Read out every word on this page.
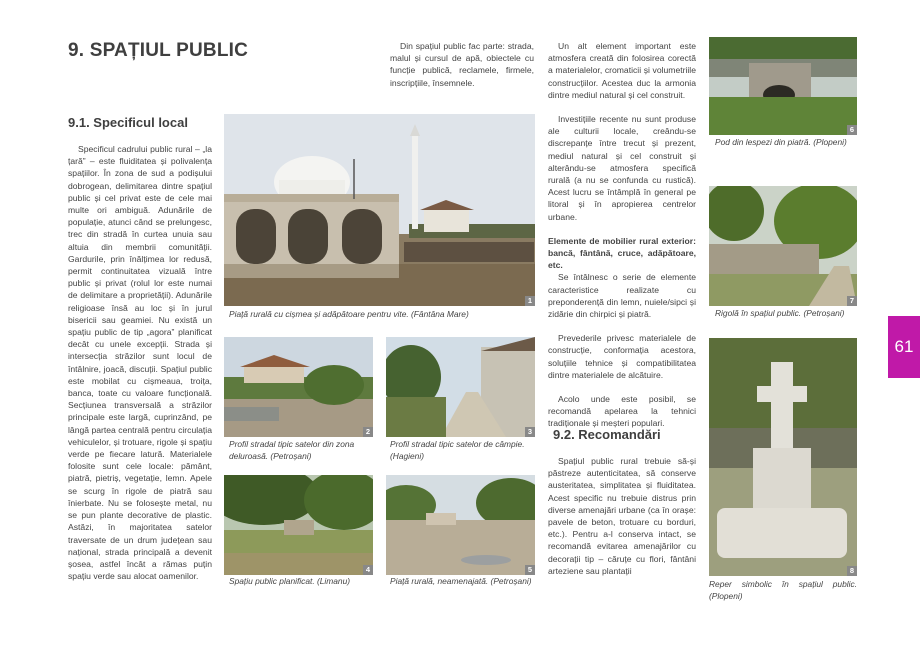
9. SPAȚIUL PUBLIC
9.1. Specificul local

Specificul cadrului public rural – „la țară” – este fluiditatea și polivalența spațiilor. În zona de sud a podișului dobrogean, delimitarea dintre spațiul public și cel privat este de cele mai multe ori ambiguă. Adunările de populație, atunci când se prelungesc, trec din stradă în curtea unuia sau altuia din membrii comunității. Gardurile, prin înălțimea lor redusă, permit continuitatea vizuală între public și privat (rolul lor este numai de delimitare a proprietății). Adunările religioase însă au loc și în jurul bisericii sau geamiei. Nu există un spațiu public de tip „agora” planificat decât cu unele excepții. Strada și intersecția străzilor sunt locul de întâlnire, joacă, discuții. Spațiul public este mobilat cu cișmeaua, troița, banca, toate cu valoare funcțională. Secțiunea transversală a străzilor principale este largă, cuprinzând, pe lângă partea centrală pentru circulația vehiculelor, și trotuare, rigole și spațiu verde pe fiecare latură. Materialele folosite sunt cele locale: pământ, piatră, pietriș, vegetație, lemn. Apele se scurg în rigole de piatră sau înierbate. Nu se folosește metal, nu se pun plante decorative de plastic. Astăzi, în majoritatea satelor traversate de un drum județean sau național, strada principală a devenit șosea, astfel încât a rămas puțin spațiu verde sau alocat oamenilor.

1
Piață rurală cu cișmea și adăpătoare pentru vite. (Fântâna Mare)
2
Profil stradal tipic satelor din zona deluroasă. (Petroșani)
3
Profil stradal tipic satelor de câmpie. (Hagieni)
4
Spațiu public planificat. (Limanu)
5
Piață rurală, neamenajată. (Petroșani)

Din spațiul public fac parte: strada, malul și cursul de apă, obiectele cu funcție publică, reclamele, firmele, inscripțiile, însemnele.

Un alt element important este atmosfera creată din folosirea corectă a materialelor, cromaticii și volumetriile construcțiilor. Acestea duc la armonia dintre mediul natural și cel construit.

Investițiile recente nu sunt produse ale culturii locale, creându-se discrepanțe între trecut și prezent, mediul natural și cel construit și alterându-se atmosfera specifică rurală (a nu se confunda cu rustică). Acest lucru se întâmplă în general pe litoral și în apropierea centrelor urbane.

Elemente de mobilier rural exterior: bancă, fântână, cruce, adăpătoare, etc.

Se întâlnesc o serie de elemente caracteristice realizate cu preponderență din lemn, nuiele/sipci și zidărie din chirpici și piatră.

Prevederile privesc materialele de construcție, conformația acestora, soluțiile tehnice și compatibilitatea dintre materialele de alcătuire.

Acolo unde este posibil, se recomandă apelarea la tehnici tradiționale și meșteri populari.

9.2. Recomandări

Spațiul public rural trebuie să-și păstreze autenticitatea, să conserve austeritatea, simplitatea și fluiditatea. Acest specific nu trebuie distrus prin diverse amenajări urbane (ca în orașe: pavele de beton, trotuare cu borduri, etc.). Pentru a-l conserva intact, se recomandă evitarea amenajărilor cu decorații tip – căruțe cu flori, fântâni arteziene sau plantații

6
Pod din lespezi din piatră. (Plopeni)
7
Rigolă în spațiul public. (Petroșani)
8
Reper simbolic în spațiul public. (Plopeni)
61
